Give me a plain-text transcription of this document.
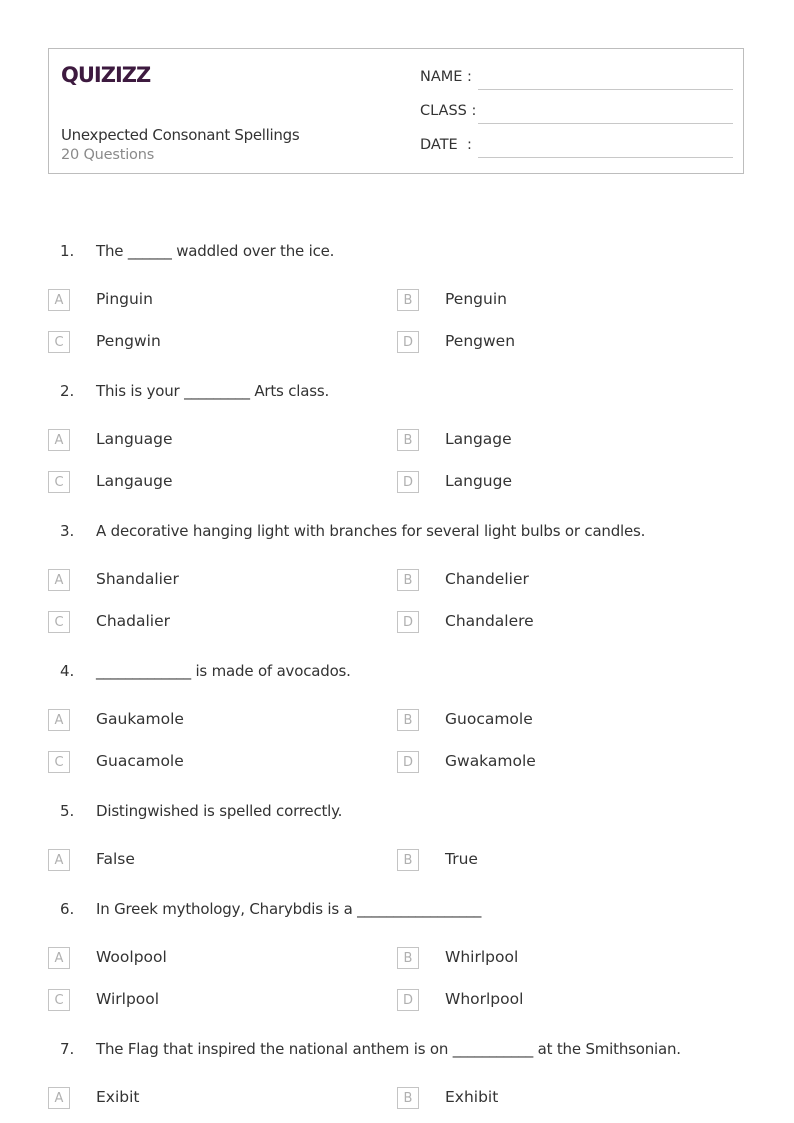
QUIZIZZ
Unexpected Consonant Spellings
20 Questions
NAME :
CLASS :
DATE  :
1. The ______ waddled over the ice.
A	Pinguin	B	Penguin
C	Pengwin	D	Pengwen
2. This is your _________ Arts class.
A	Language	B	Langage
C	Langauge	D	Languge
3. A decorative hanging light with branches for several light bulbs or candles.
A	Shandalier	B	Chandelier
C	Chadalier	D	Chandalere
4. _____________ is made of avocados.
A	Gaukamole	B	Guocamole
C	Guacamole	D	Gwakamole
5. Distingwished is spelled correctly.
A	False	B	True
6. In Greek mythology, Charybdis is a _________________
A	Woolpool	B	Whirlpool
C	Wirlpool	D	Whorlpool
7. The Flag that inspired the national anthem is on ___________ at the Smithsonian.
A	Exibit	B	Exhibit
